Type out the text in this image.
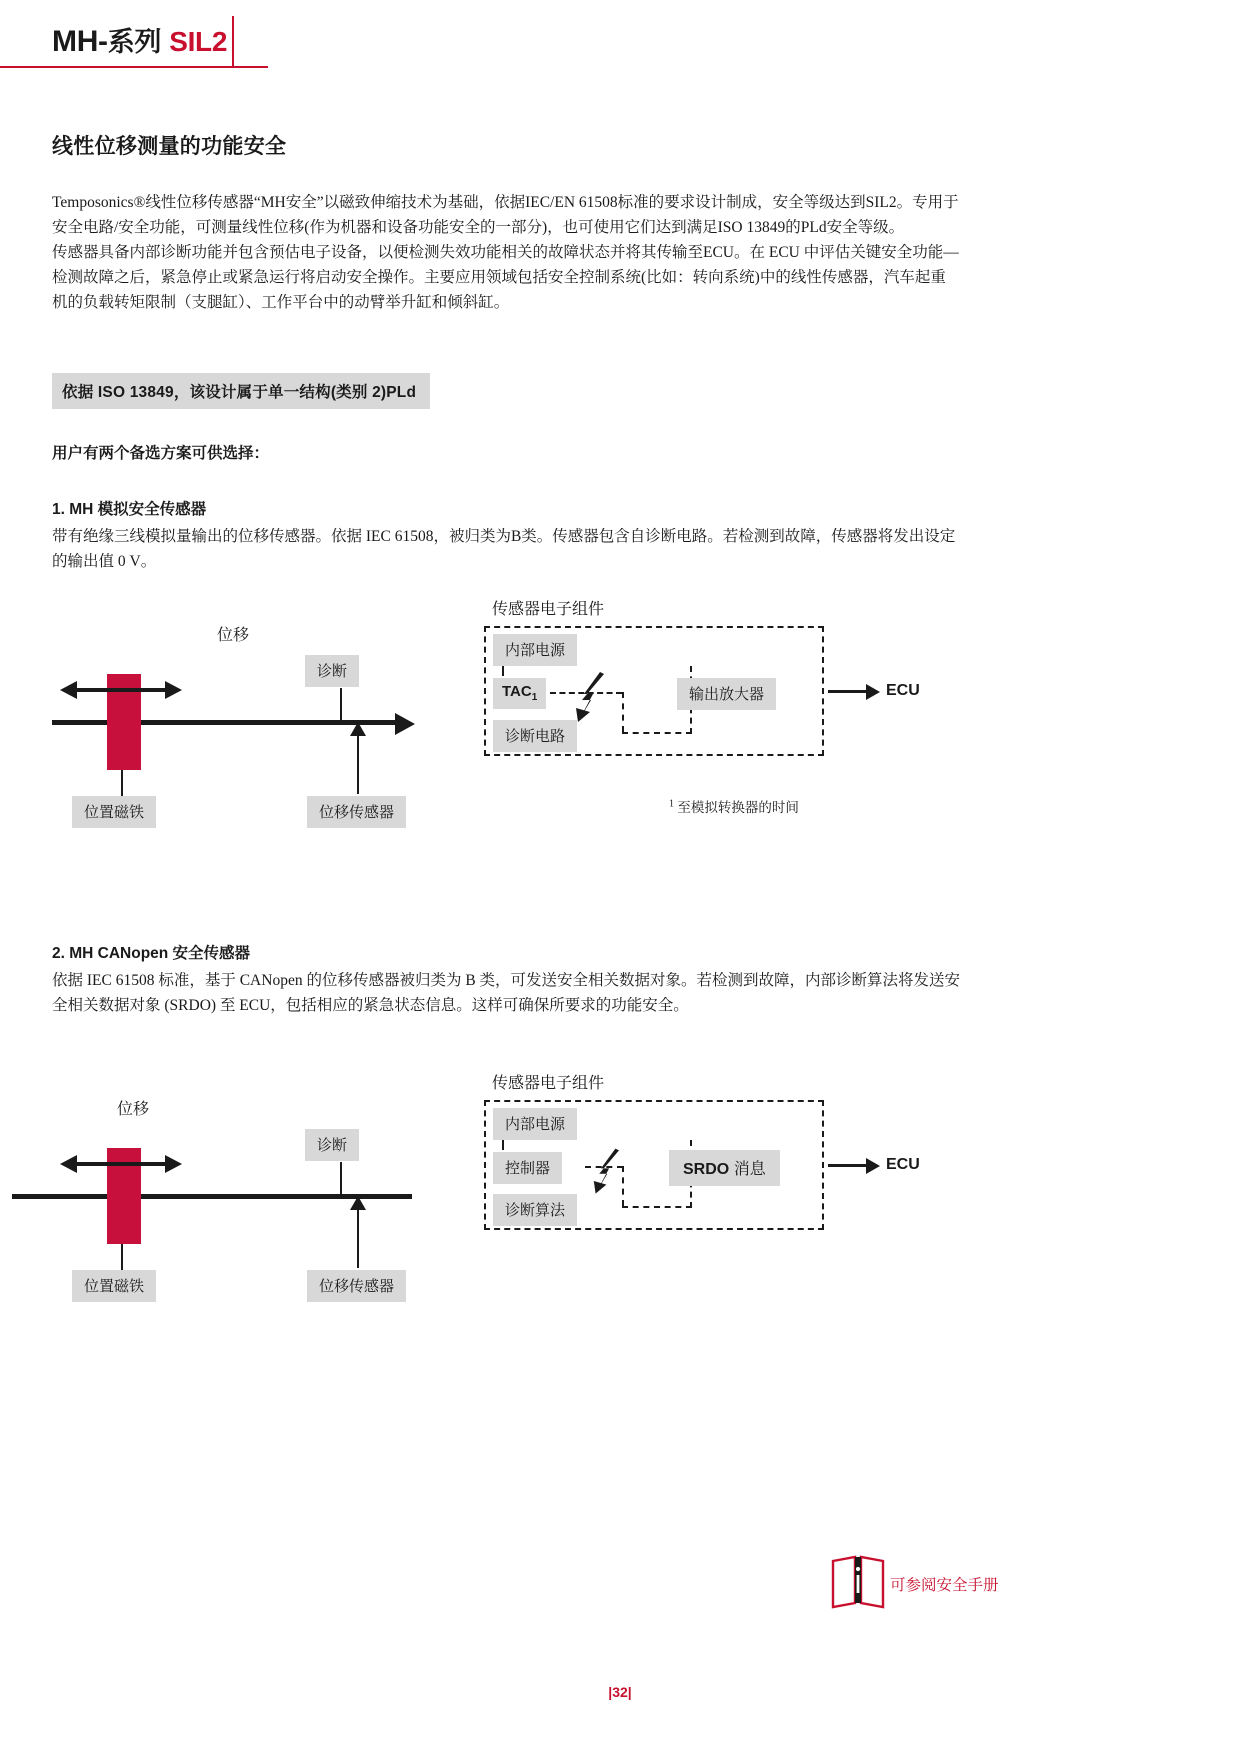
MH-系列 SIL2
线性位移测量的功能安全

Temposonics®线性位移传感器“MH安全”以磁致伸缩技术为基础，依据IEC/EN 61508标准的要求设计制成，安全等级达到SIL2。专用于

安全电路/安全功能，可测量线性位移(作为机器和设备功能安全的一部分)，也可使用它们达到满足ISO 13849的PLd安全等级。

传感器具备内部诊断功能并包含预估电子设备，以便检测失效功能相关的故障状态并将其传输至ECU。在 ECU 中评估关键安全功能—

检测故障之后，紧急停止或紧急运行将启动安全操作。主要应用领域包括安全控制系统(比如：转向系统)中的线性传感器，汽车起重

机的负载转矩限制（支腿缸）、工作平台中的动臂举升缸和倾斜缸。

依据 ISO 13849，该设计属于单一结构(类别 2)PLd
用户有两个备选方案可供选择：
1. MH 模拟安全传感器
带有绝缘三线模拟量输出的位移传感器。依据 IEC 61508，被归类为B类。传感器包含自诊断电路。若检测到故障，传感器将发出设定
的输出值 0 V。
位移
诊断
位置磁铁	位移传感器
传感器电子组件
内部电源
$TAC_1$
诊断电路
输出放大器	ECU
$^1$ 至模拟转换器的时间
2. MH CANopen 安全传感器
依据 IEC 61508 标准，基于 CANopen 的位移传感器被归类为 B 类，可发送安全相关数据对象。若检测到故障，内部诊断算法将发送安
全相关数据对象 (SRDO) 至 ECU，包括相应的紧急状态信息。这样可确保所要求的功能安全。
位移
诊断
位置磁铁	位移传感器
传感器电子组件
内部电源
控制器
诊断算法
SRDO 消息	ECU
可参阅安全手册
|32|
